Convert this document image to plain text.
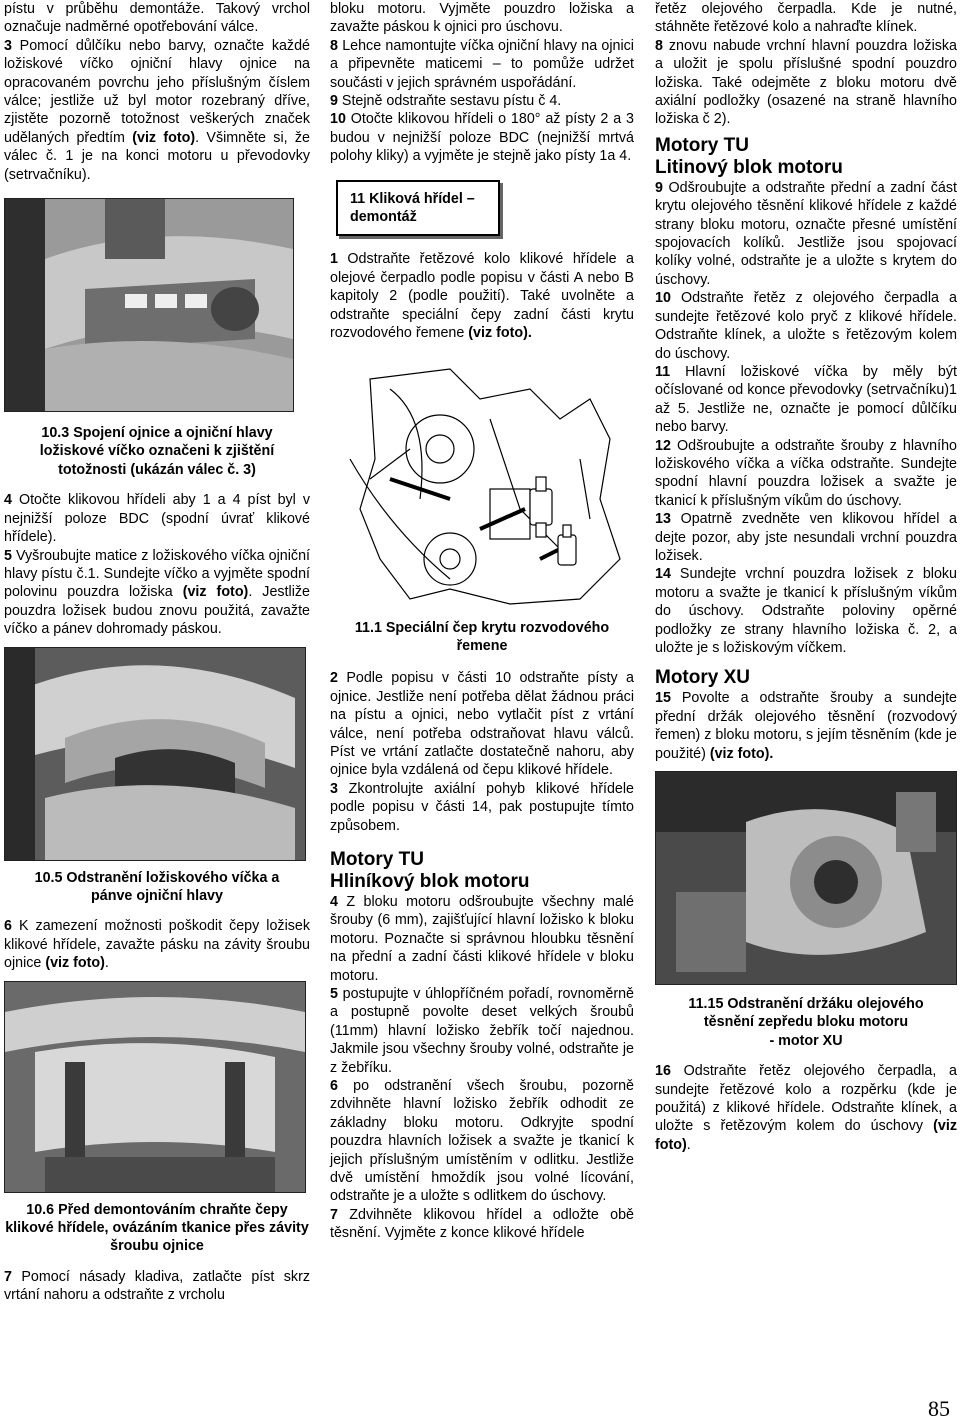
pístu v průběhu demontáže. Takový vrchol označuje nadměrné opotřebování válce.

3 Pomocí důlčíku nebo barvy, označte každé ložiskové víčko ojniční hlavy ojnice na opracovaném povrchu jeho příslušným číslem válce; jestliže už byl motor rozebraný dříve, zjistěte pozorně totožnost veškerých značek udělaných předtím (viz foto). Všimněte si, že válec č. 1 je na konci motoru u převodovky (setrvačníku).

10.3 Spojení ojnice a ojniční hlavy ložiskové víčko označeni k zjištění totožnosti (ukázán válec č. 3)

4 Otočte klikovou hřídeli aby 1 a 4 píst byl v nejnižší poloze BDC (spodní úvrať klikové hřídele).

5 Vyšroubujte matice z ložiskového víčka ojniční hlavy pístu č.1. Sundejte víčko a vyjměte spodní polovinu pouzdra ložiska (viz foto). Jestliže pouzdra ložisek budou znovu použitá, zavažte víčko a pánev dohromady páskou.

10.5 Odstranění ložiskového víčka a pánve ojniční hlavy

6 K zamezení možnosti poškodit čepy ložisek klikové hřídele, zavažte pásku na závity šroubu ojnice (viz foto).

10.6 Před demontováním chraňte čepy klikové hřídele, ovázáním tkanice přes závity šroubu ojnice

7 Pomocí násady kladiva, zatlačte píst skrz vrtání nahoru a odstraňte z vrcholu

bloku motoru. Vyjměte pouzdro ložiska a zavažte páskou k ojnici pro úschovu.

8 Lehce namontujte víčka ojniční hlavy na ojnici a připevněte maticemi – to pomůže udržet součásti v jejich správném uspořádání.

9 Stejně odstraňte sestavu pístu č 4.

10 Otočte klikovou hřídeli o 180° až písty 2 a 3 budou v nejnižší poloze BDC (nejnižší mrtvá polohy kliky) a vyjměte je stejně jako písty 1a 4.

11 Kliková hřídel –
demontáž

1 Odstraňte řetězové kolo klikové hřídele a olejové čerpadlo podle popisu v části A nebo B kapitoly 2 (podle použití). Také uvolněte a odstraňte speciální čepy zadní části krytu rozvodového řemene (viz foto).

11.1 Speciální čep krytu rozvodového řemene

2 Podle popisu v části 10 odstraňte písty a ojnice. Jestliže není potřeba dělat žádnou práci na pístu a ojnici, nebo vytlačit píst z vrtání válce, není potřeba odstraňovat hlavu válců. Píst ve vrtání zatlačte dostatečně nahoru, aby ojnice byla vzdálená od čepu klikové hřídele.

3 Zkontrolujte axiální pohyb klikové hřídele podle popisu v části 14, pak postupujte tímto způsobem.

Motory TU

Hliníkový blok motoru

4 Z bloku motoru odšroubujte všechny malé šrouby (6 mm), zajišťující hlavní ložisko k bloku motoru. Poznačte si správnou hloubku těsnění na přední a zadní části klikové hřídele v bloku motoru.

5 postupujte v úhlopříčném pořadí, rovnoměrně a postupně povolte deset velkých šroubů (11mm) hlavní ložisko žebřík točí najednou. Jakmile jsou všechny šrouby volné, odstraňte je z žebříku.

6 po odstranění všech šroubu, pozorně zdvihněte hlavní ložisko žebřík odhodit ze základny bloku motoru. Odkryjte spodní pouzdra hlavních ložisek a svažte je tkanicí k jejich příslušným umístěním v odlitku. Jestliže dvě umístění hmoždík jsou volné lícování, odstraňte je a uložte s odlitkem do úschovy.

7 Zdvihněte klikovou hřídel a odložte obě těsnění. Vyjměte z konce klikové hřídele

řetěz olejového čerpadla. Kde je nutné, stáhněte řetězové kolo a nahraďte klínek.

8 znovu nabude vrchní hlavní pouzdra ložiska a uložit je spolu příslušné spodní pouzdro ložiska. Také odejměte z bloku motoru dvě axiální podložky (osazené na straně hlavního ložiska č 2).

Motory TU

Litinový blok motoru

9 Odšroubujte a odstraňte přední a zadní část krytu olejového těsnění klikové hřídele z každé strany bloku motoru, označte přesné umístění spojovacích kolíků. Jestliže jsou spojovací kolíky volné, odstraňte je a uložte s krytem do úschovy.

10 Odstraňte řetěz z olejového čerpadla a sundejte řetězové kolo pryč z klikové hřídele. Odstraňte klínek, a uložte s řetězovým kolem do úschovy.

11 Hlavní ložiskové víčka by měly být očíslované od konce převodovky (setrvačníku)1 až 5. Jestliže ne, označte je pomocí důlčíku nebo barvy.

12 Odšroubujte a odstraňte šrouby z hlavního ložiskového víčka a víčka odstraňte. Sundejte spodní hlavní pouzdra ložisek a svažte je tkanicí k příslušným víkům do úschovy.

13 Opatrně zvedněte ven klikovou hřídel a dejte pozor, aby jste nesundali vrchní pouzdra ložisek.

14 Sundejte vrchní pouzdra ložisek z bloku motoru a svažte je tkanicí k příslušným víkům do úschovy. Odstraňte poloviny opěrné podložky ze strany hlavního ložiska č. 2, a uložte je s ložiskovým víčkem.

Motory XU

15 Povolte a odstraňte šrouby a sundejte přední držák olejového těsnění (rozvodový řemen) z bloku motoru, s jejím těsněním (kde je použité) (viz foto).

11.15 Odstranění držáku olejového těsnění zepředu bloku motoru

- motor XU

16 Odstraňte řetěz olejového čerpadla, a sundejte řetězové kolo a rozpěrku (kde je použitá) z klikové hřídele. Odstraňte klínek, a uložte s řetězovým kolem do úschovy (viz foto).

85
